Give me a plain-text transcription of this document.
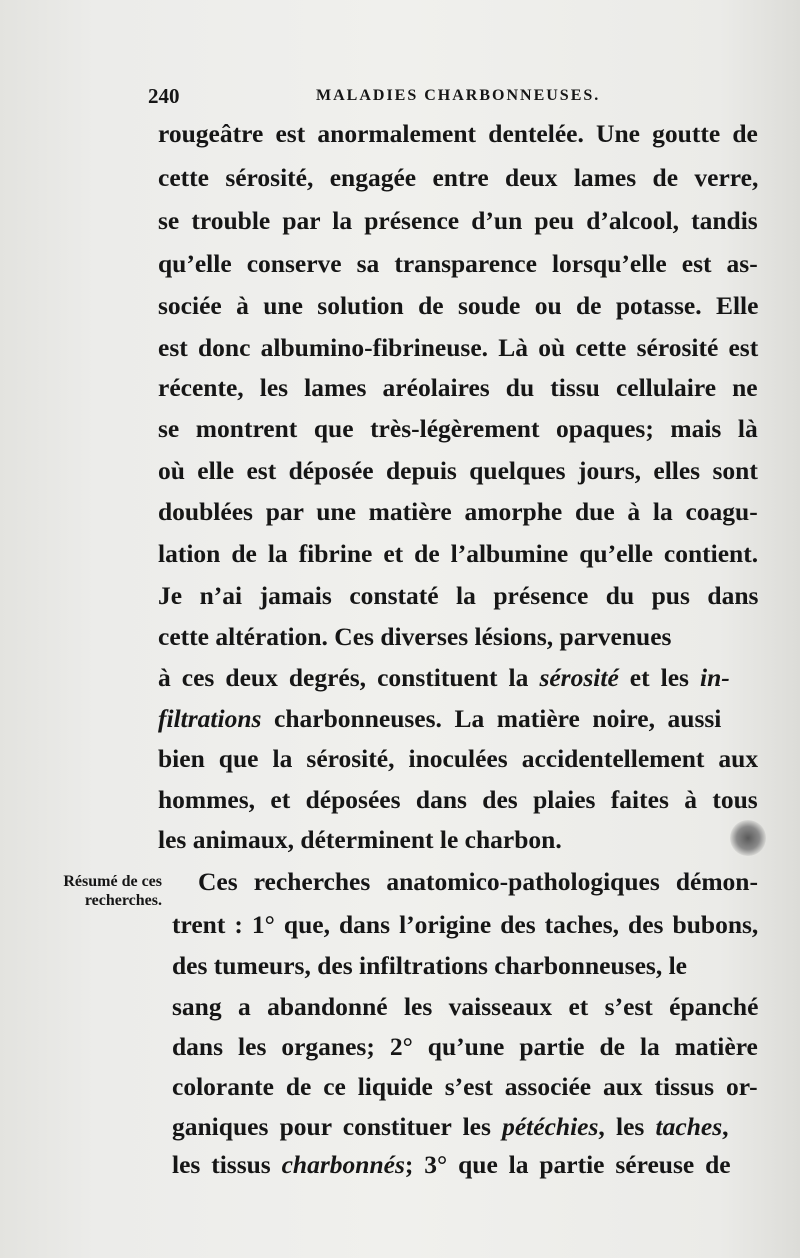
240	MALADIES CHARBONNEUSES.
rougeâtre est anormalement dentelée. Une goutte de
cette sérosité, engagée entre deux lames de verre,
se trouble par la présence d’un peu d’alcool, tandis
qu’elle conserve sa transparence lorsqu’elle est as-
sociée à une solution de soude ou de potasse. Elle
est donc albumino-fibrineuse. Là où cette sérosité est
récente, les lames aréolaires du tissu cellulaire ne
se montrent que très-légèrement opaques; mais là
où elle est déposée depuis quelques jours, elles sont
doublées par une matière amorphe due à la coagu-
lation de la fibrine et de l’albumine qu’elle contient.
Je n’ai jamais constaté la présence du pus dans
cette altération. Ces diverses lésions, parvenues
à ces deux degrés, constituent la sérosité et les in-
filtrations charbonneuses. La matière noire, aussi
bien que la sérosité, inoculées accidentellement aux
hommes, et déposées dans des plaies faites à tous
les animaux, déterminent le charbon.
Résumé de ces
recherches.
Ces recherches anatomico-pathologiques démon-
trent : 1° que, dans l’origine des taches, des bubons,
des tumeurs, des infiltrations charbonneuses, le
sang a abandonné les vaisseaux et s’est épanché
dans les organes; 2° qu’une partie de la matière
colorante de ce liquide s’est associée aux tissus or-
ganiques pour constituer les pétéchies, les taches,
les tissus charbonnés; 3° que la partie séreuse de
